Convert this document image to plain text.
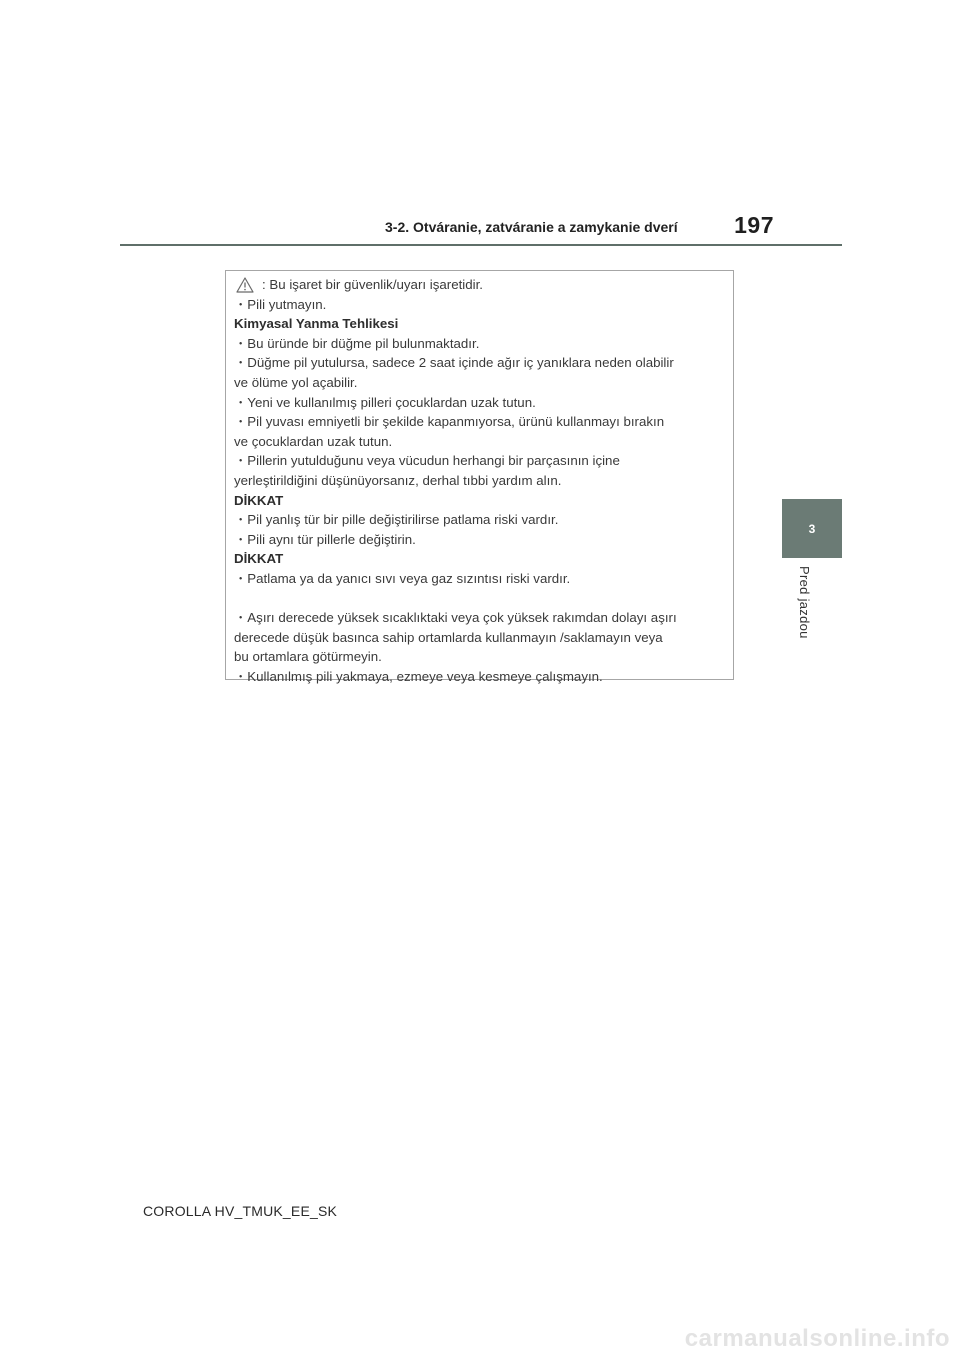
3-2. Otváranie, zatváranie a zamykanie dverí 197
3
Pred jazdou
: Bu işaret bir güvenlik/uyarı işaretidir.
・Pili yutmayın.
Kimyasal Yanma Tehlikesi
・Bu üründe bir düğme pil bulunmaktadır.
・Düğme pil yutulursa, sadece 2 saat içinde ağır iç yanıklara neden olabilir
ve ölüme yol açabilir.
・Yeni ve kullanılmış pilleri çocuklardan uzak tutun.
・Pil yuvası emniyetli bir şekilde kapanmıyorsa, ürünü kullanmayı bırakın
ve çocuklardan uzak tutun.
・Pillerin yutulduğunu veya vücudun herhangi bir parçasının içine
yerleştirildiğini düşünüyorsanız, derhal tıbbi yardım alın.
DİKKAT
・Pil yanlış tür bir pille değiştirilirse patlama riski vardır.
・Pili aynı tür pillerle değiştirin.
DİKKAT
・Patlama ya da yanıcı sıvı veya gaz sızıntısı riski vardır.
・Aşırı derecede yüksek sıcaklıktaki veya çok yüksek rakımdan dolayı aşırı
derecede düşük basınca sahip ortamlarda kullanmayın /saklamayın veya
bu ortamlara götürmeyin.
・Kullanılmış pili yakmaya, ezmeye veya kesmeye çalışmayın.
COROLLA HV_TMUK_EE_SK
carmanualsonline.info
